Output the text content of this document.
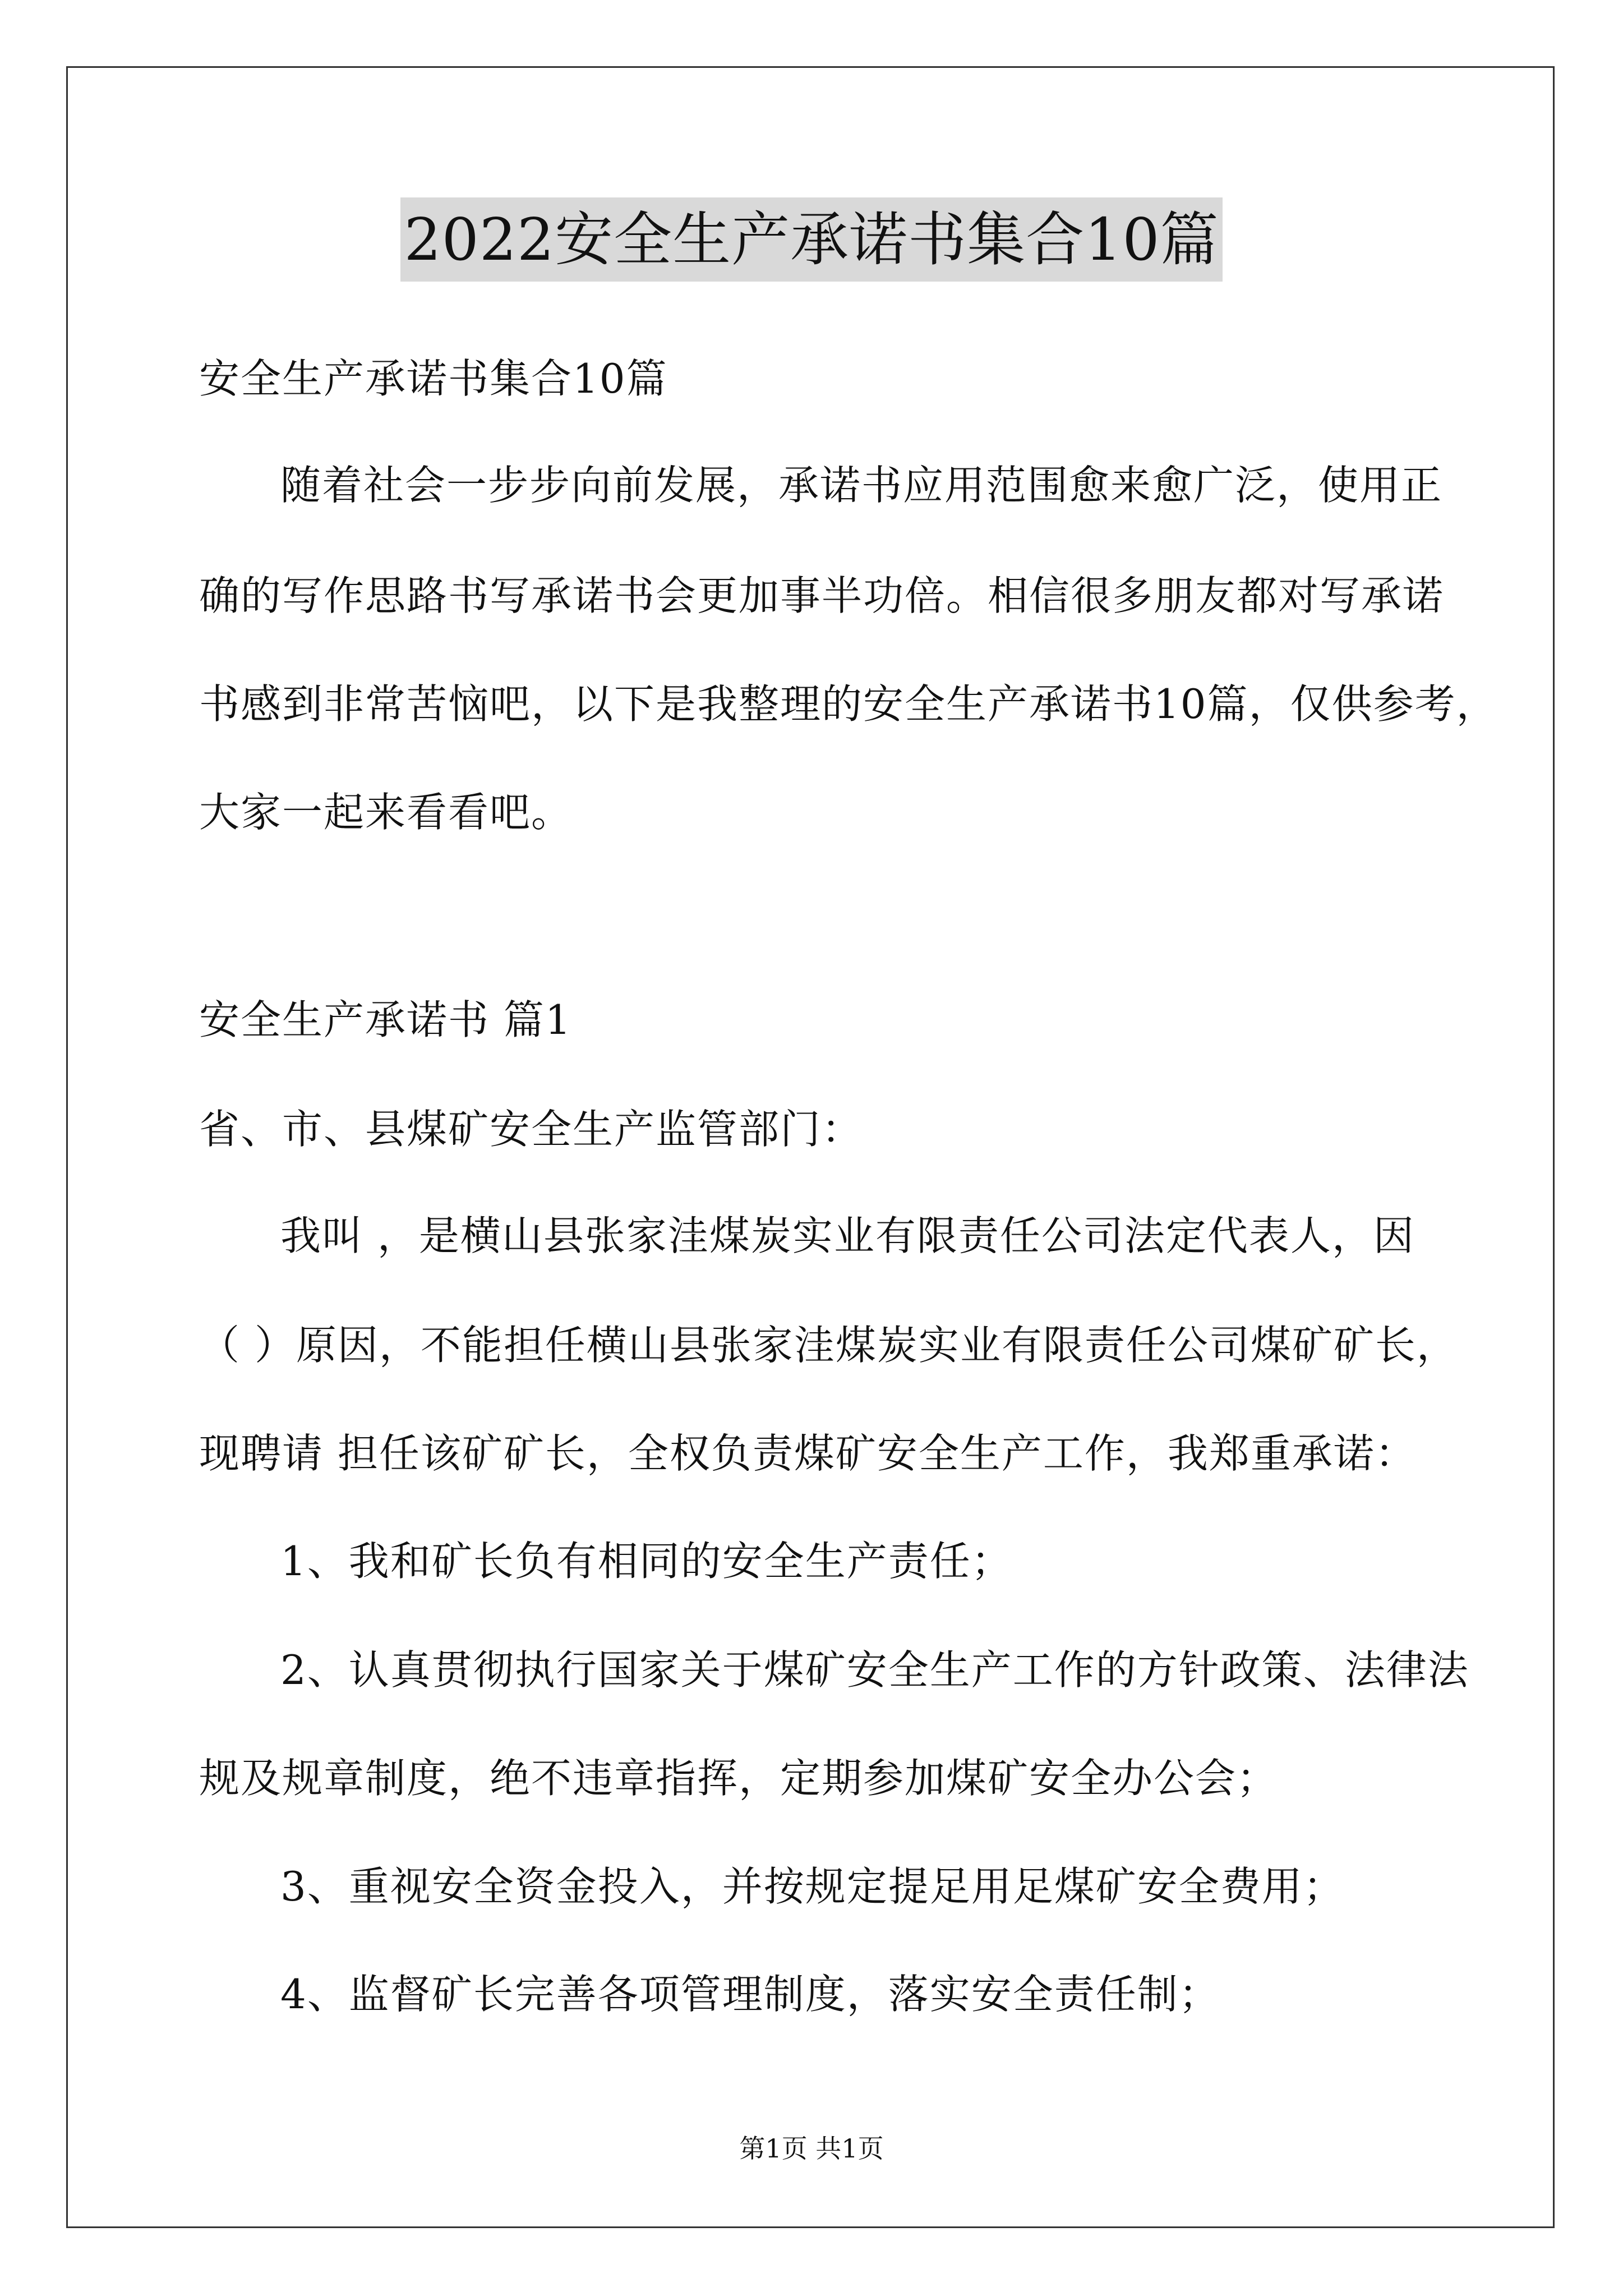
2022安全生产承诺书集合10篇
安全生产承诺书集合10篇
随着社会一步步向前发展，承诺书应用范围愈来愈广泛，使用正
确的写作思路书写承诺书会更加事半功倍。相信很多朋友都对写承诺
书感到非常苦恼吧，以下是我整理的安全生产承诺书10篇，仅供参考，
大家一起来看看吧。
安全生产承诺书 篇1
省、市、县煤矿安全生产监管部门：
我叫 ，是横山县张家洼煤炭实业有限责任公司法定代表人，因
（ ）原因，不能担任横山县张家洼煤炭实业有限责任公司煤矿矿长，
现聘请 担任该矿矿长，全权负责煤矿安全生产工作，我郑重承诺：
1、我和矿长负有相同的安全生产责任；
2、认真贯彻执行国家关于煤矿安全生产工作的方针政策、法律法
规及规章制度，绝不违章指挥，定期参加煤矿安全办公会；
3、重视安全资金投入，并按规定提足用足煤矿安全费用；
4、监督矿长完善各项管理制度，落实安全责任制；
第1页 共1页
